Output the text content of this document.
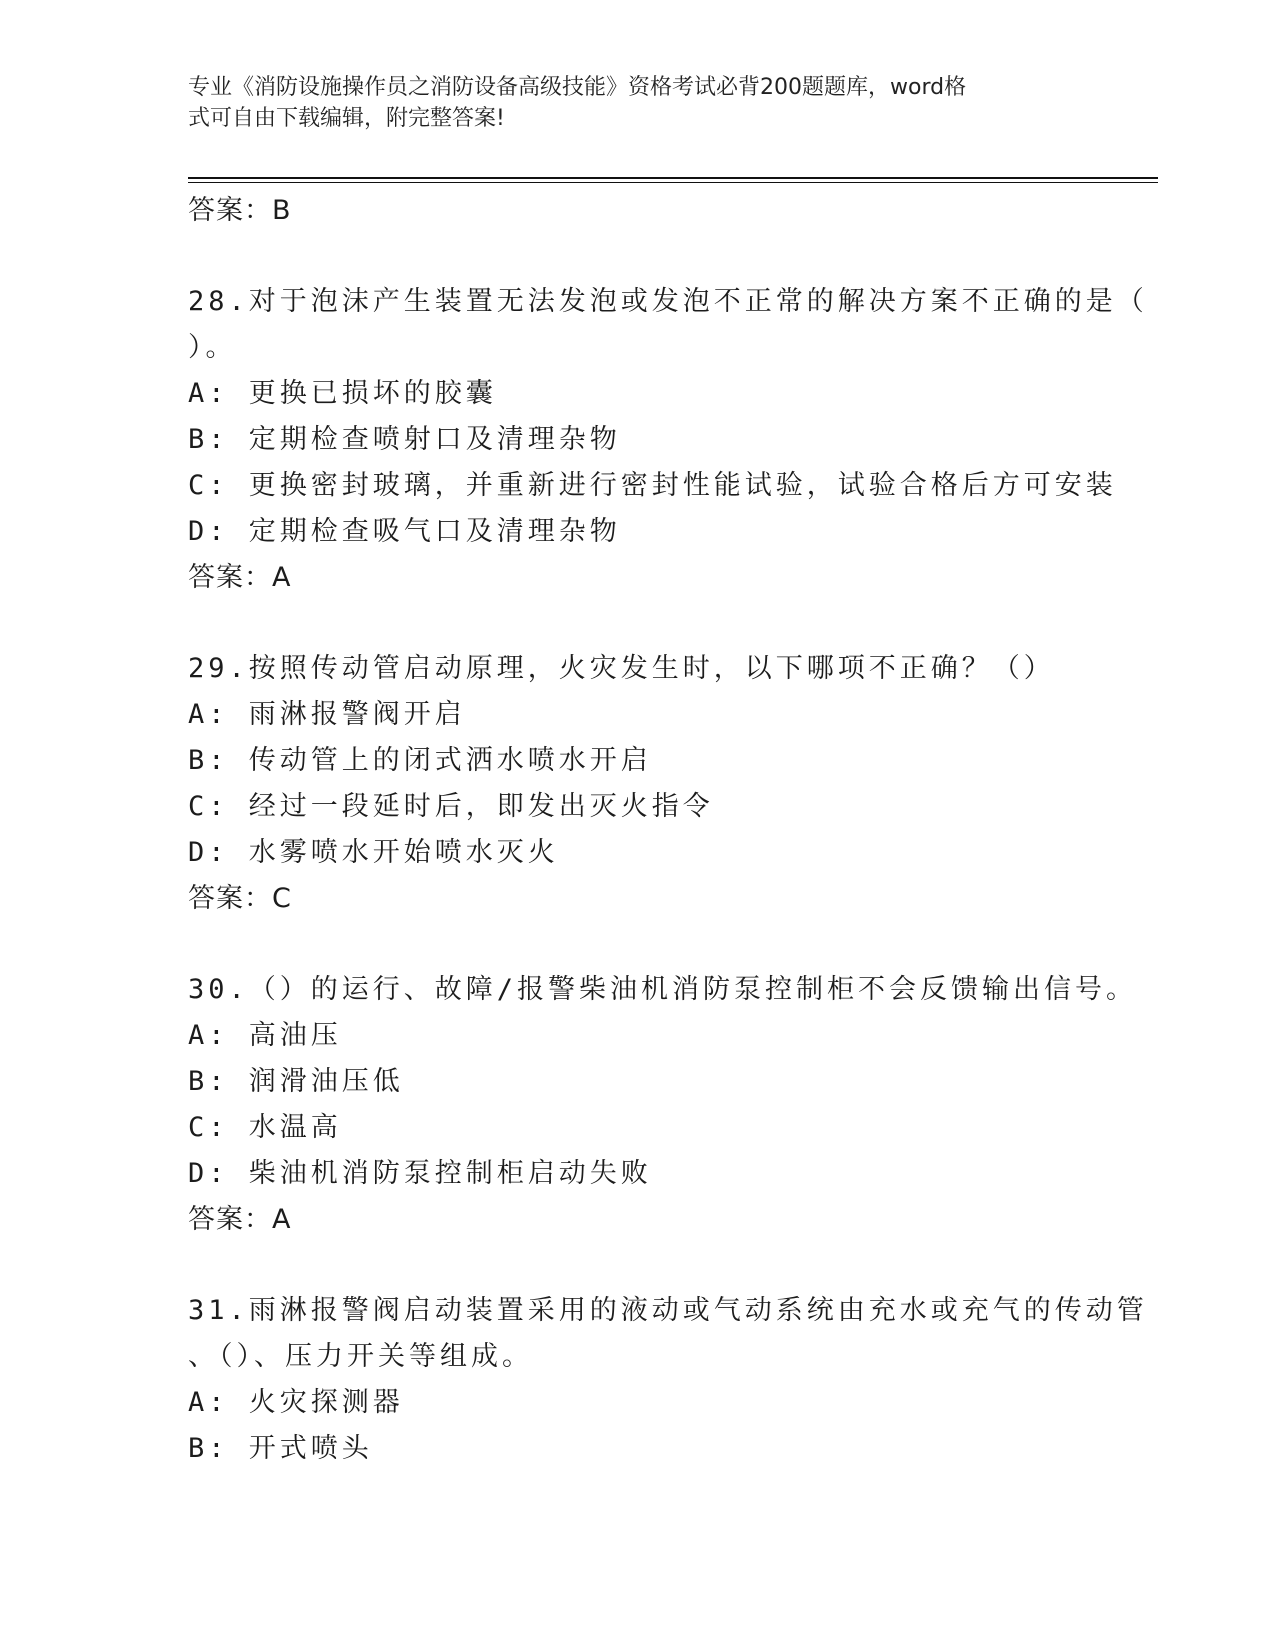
专业《消防设施操作员之消防设备高级技能》资格考试必背200题题库，word格

式可自由下载编辑，附完整答案!

答案：B
28.对于泡沫产生装置无法发泡或发泡不正常的解决方案不正确的是（
）。
A: 更换已损坏的胶囊
B: 定期检查喷射口及清理杂物
C: 更换密封玻璃，并重新进行密封性能试验，试验合格后方可安装
D: 定期检查吸气口及清理杂物
答案：A
29.按照传动管启动原理，火灾发生时，以下哪项不正确？（）
A: 雨淋报警阀开启
B: 传动管上的闭式洒水喷水开启
C: 经过一段延时后，即发出灭火指令
D: 水雾喷水开始喷水灭火
答案：C
30.（）的运行、故障/报警柴油机消防泵控制柜不会反馈输出信号。
A: 高油压
B: 润滑油压低
C: 水温高
D: 柴油机消防泵控制柜启动失败
答案：A
31.雨淋报警阀启动装置采用的液动或气动系统由充水或充气的传动管
、（）、压力开关等组成。
A: 火灾探测器
B: 开式喷头
